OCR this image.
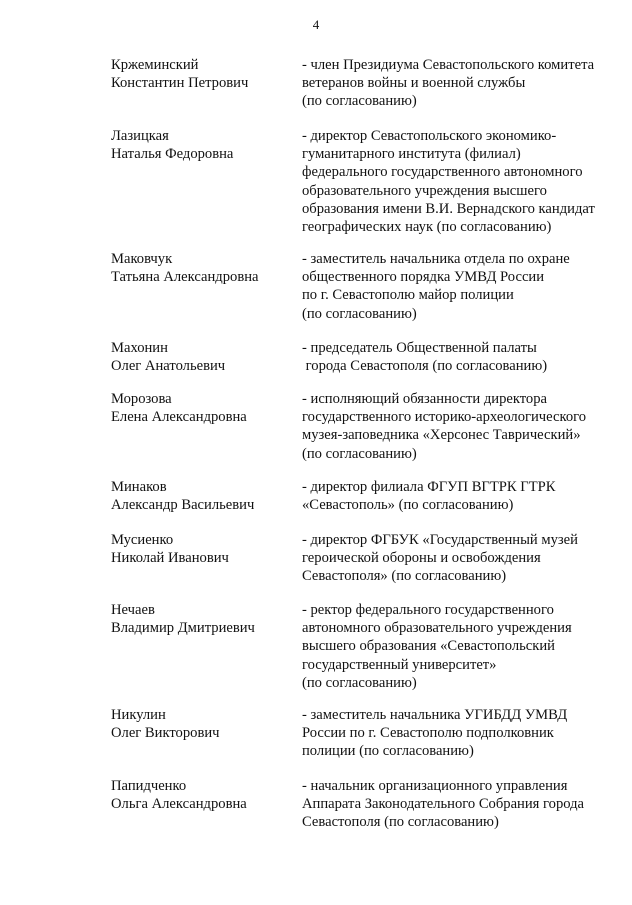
4
Кржеминский
Константин Петрович
- член Президиума Севастопольского комитета
ветеранов войны и военной службы
(по согласованию)
Лазицкая
Наталья Федоровна
- директор Севастопольского экономико-
гуманитарного института (филиал)
федерального государственного автономного
образовательного учреждения высшего
образования имени В.И. Вернадского кандидат
географических наук (по согласованию)
Маковчук
Татьяна Александровна
- заместитель начальника отдела по охране
общественного порядка УМВД России
по г. Севастополю майор полиции
(по согласованию)
Махонин
Олег Анатольевич
- председатель Общественной палаты
города Севастополя (по согласованию)
Морозова
Елена Александровна
- исполняющий обязанности директора
государственного историко-археологического
музея-заповедника «Херсонес Таврический»
(по согласованию)
Минаков
Александр Васильевич
- директор филиала ФГУП ВГТРК ГТРК
«Севастополь» (по согласованию)
Мусиенко
Николай Иванович
- директор ФГБУК «Государственный музей
героической обороны и освобождения
Севастополя» (по согласованию)
Нечаев
Владимир Дмитриевич
- ректор федерального государственного
автономного образовательного учреждения
высшего образования «Севастопольский
государственный университет»
(по согласованию)
Никулин
Олег Викторович
- заместитель начальника УГИБДД УМВД
России по г. Севастополю подполковник
полиции (по согласованию)
Папидченко
Ольга Александровна
- начальник организационного управления
Аппарата Законодательного Собрания города
Севастополя (по согласованию)
